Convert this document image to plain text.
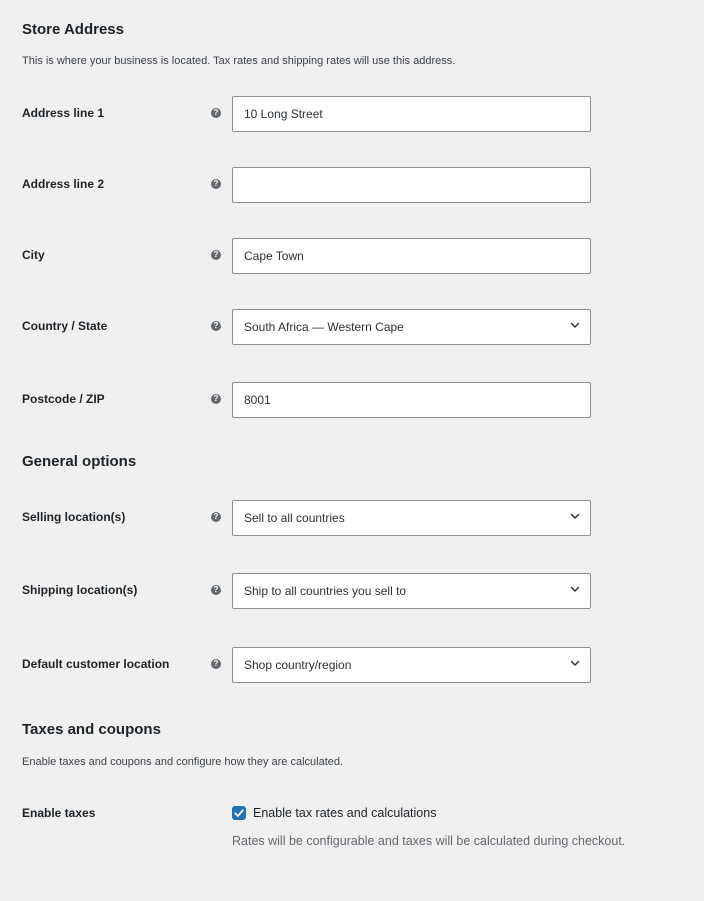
Store Address

This is where your business is located. Tax rates and shipping rates will use this address.

Address line 1	?	10 Long Street
Address line 2	?
City	?	Cape Town
Country / State	?	South Africa — Western Cape
Postcode / ZIP	?	8001
General options
Selling location(s)	?	Sell to all countries
Shipping location(s)	?	Ship to all countries you sell to
Default customer location	?	Shop country/region
Taxes and coupons

Enable taxes and coupons and configure how they are calculated.

Enable taxes	Enable tax rates and calculations

Rates will be configurable and taxes will be calculated during checkout.
